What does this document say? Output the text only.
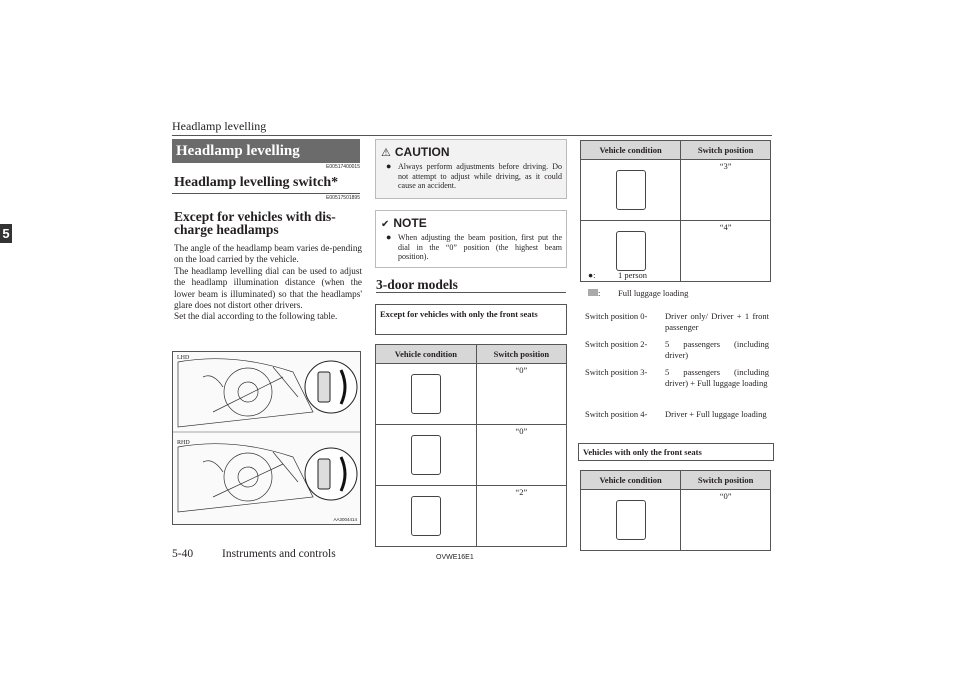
Headlamp levelling
5
Headlamp levelling
E00517400015
Headlamp levelling switch*
E00517501895
Except for vehicles with dis-charge headlamps
The angle of the headlamp beam varies de-pending on the load carried by the vehicle.
The headlamp levelling dial can be used to adjust the headlamp illumination distance (when the lower beam is illuminated) so that the headlamps' glare does not distort other drivers.
Set the dial according to the following table.
LHD
RHD
AA3004414
⚠ CAUTION
Always perform adjustments before driving. Do not attempt to adjust while driving, as it could cause an accident.
●
✔ NOTE
When adjusting the beam position, first put the dial in the “0” position (the highest beam position).
●
3-door models
Except for vehicles with only the front seats
Vehicle condition	Switch position

	“0”

	“0”

	“2”
Vehicle condition	Switch position

	“3”

	“4”
●:	1 person
: Full luggage loading
Switch position 0- Driver only/ Driver + 1 front passenger
Switch position 2- 5 passengers (including driver)
Switch position 3- 5 passengers (including driver) + Full luggage loading
Switch position 4- Driver + Full luggage loading
Vehicles with only the front seats
Vehicle condition	Switch position

	“0”
5-40	Instruments and controls	OVWE16E1
